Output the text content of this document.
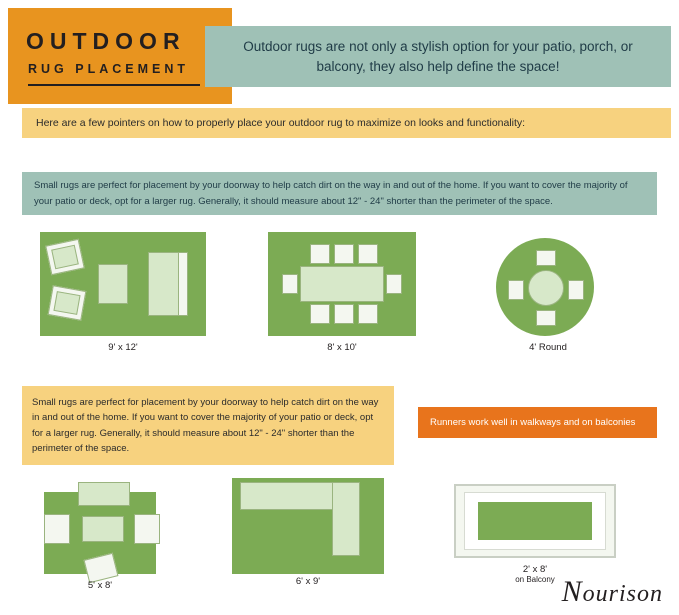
OUTDOOR
RUG PLACEMENT
Outdoor rugs are not only a stylish option for your patio, porch, or balcony, they also help define the space!
Here are a few pointers on how to properly place your outdoor rug to maximize on looks and functionality:
Small rugs are perfect for placement by your doorway to help catch dirt on the way in and out of the home. If you want to cover the majority of your patio or deck, opt for a larger rug. Generally, it should measure about 12" - 24" shorter than the perimeter of the space.
9' x 12'	8' x 10'	4' Round
Small rugs are perfect for placement by your doorway to help catch dirt on the way in and out of the home. If you want to cover the majority of your patio or deck, opt for a larger rug. Generally, it should measure about 12" - 24" shorter than the perimeter of the space.
Runners work well in walkways and on balconies
5' x 8'	6' x 9'
2' x 8'
on Balcony Nourison
